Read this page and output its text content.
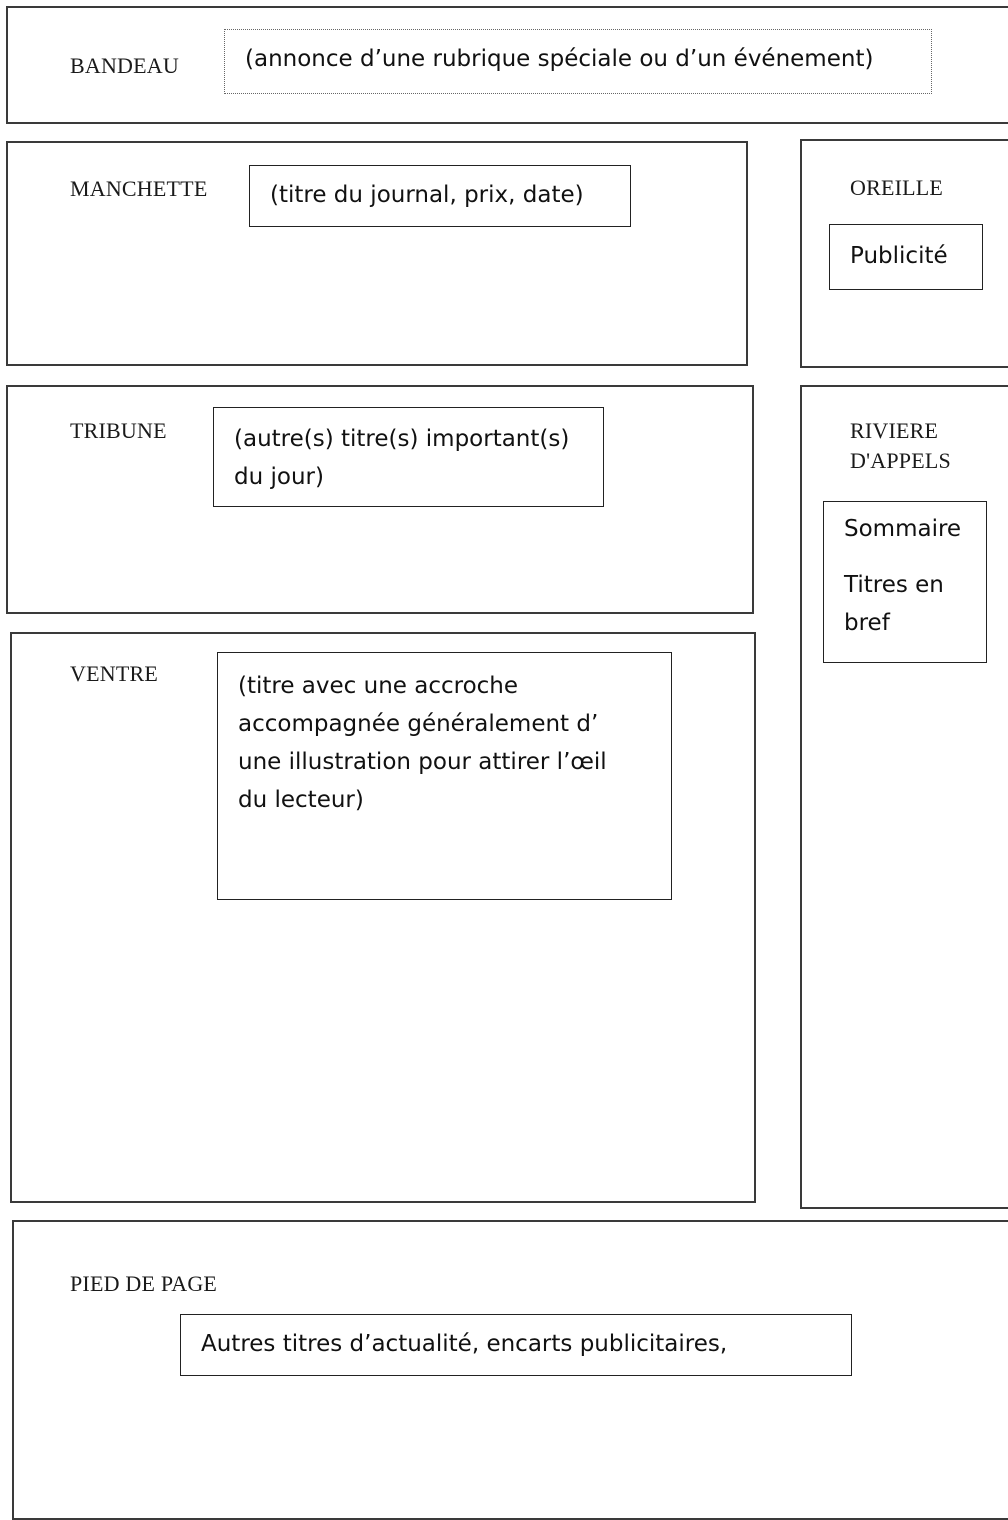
BANDEAU	(annonce d’une rubrique spéciale ou d’un événement)

MANCHETTE	(titre du journal, prix, date)	OREILLE

Publicité

TRIBUNE	(autre(s) titre(s) important(s)

du jour)

RIVIERE
D'APPELS

Sommaire

Titres en

bref

VENTRE	(titre avec une accroche

accompagnée généralement d’

une illustration pour attirer l’œil

du lecteur)

PIED DE PAGE

Autres titres d’actualité, encarts publicitaires,
